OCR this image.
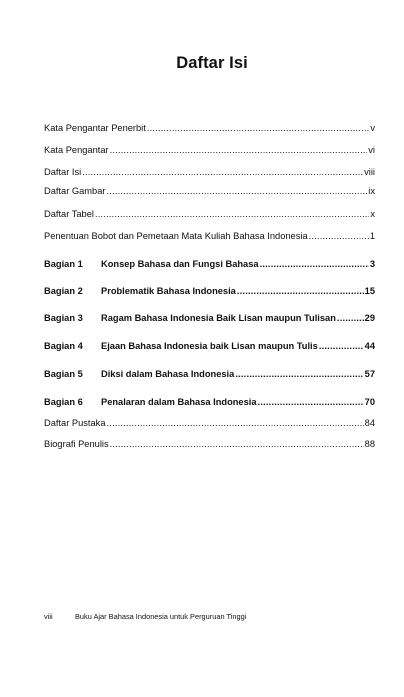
Daftar Isi
Kata Pengantar Penerbit .....	v
Kata Pengantar .....	vi
Daftar Isi .....	viii
Daftar Gambar .....	ix
Daftar Tabel .....	x
Penentuan Bobot dan Pemetaan Mata Kuliah Bahasa Indonesia .....	1
Bagian 1	Konsep Bahasa dan Fungsi Bahasa .....	3
Bagian 2	Problematik Bahasa Indonesia .....	15
Bagian 3	Ragam Bahasa Indonesia Baik Lisan maupun Tulisan .....	29
Bagian 4	Ejaan Bahasa Indonesia baik Lisan maupun Tulis .....	44
Bagian 5	Diksi dalam Bahasa Indonesia .....	57
Bagian 6	Penalaran dalam Bahasa Indonesia .....	70
Daftar Pustaka .....	84
Biografi Penulis .....	88
viii	Buku Ajar Bahasa Indonesia untuk Perguruan Tinggi
